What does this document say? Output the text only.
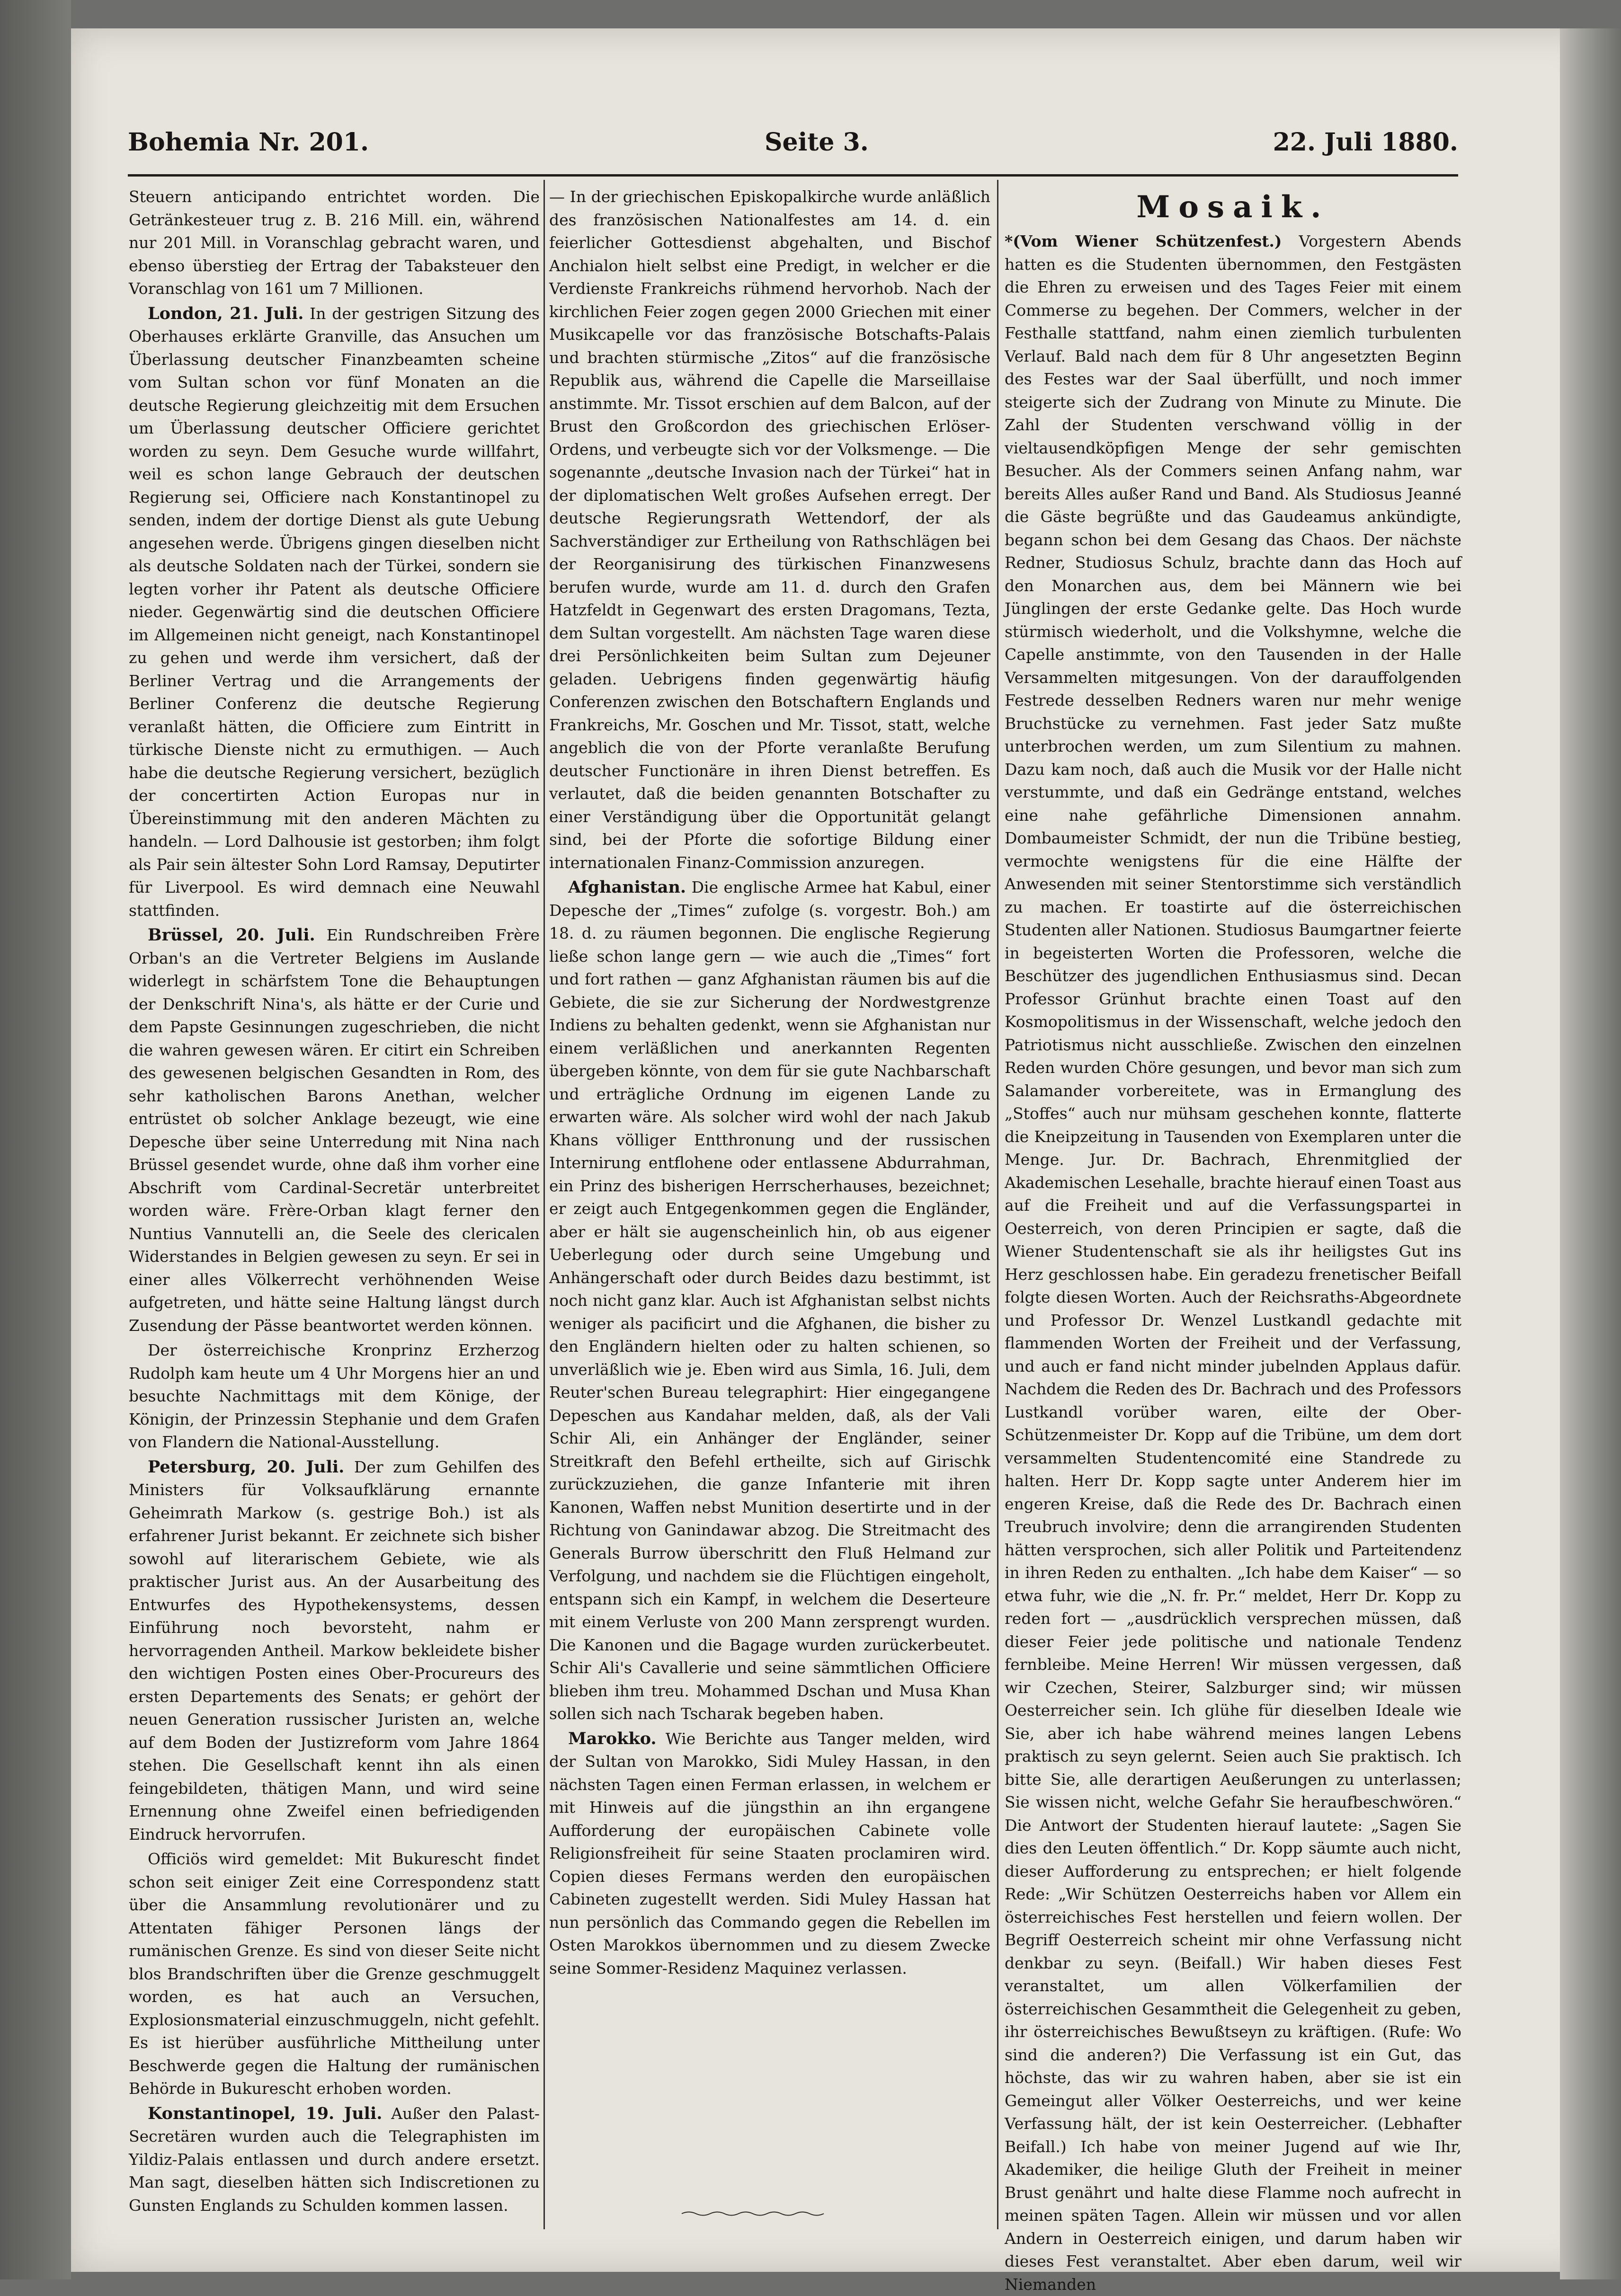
Bohemia Nr. 201.	Seite 3.	22. Juli 1880.

Steuern anticipando entrichtet worden. Die Getränkesteuer trug z. B. 216 Mill. ein, während nur 201 Mill. in Voranschlag gebracht waren, und ebenso überstieg der Ertrag der Tabaksteuer den Voranschlag von 161 um 7 Millionen.

London, 21. Juli. In der gestrigen Sitzung des Oberhauses erklärte Granville, das Ansuchen um Überlassung deutscher Finanzbeamten scheine vom Sultan schon vor fünf Monaten an die deutsche Regierung gleichzeitig mit dem Ersuchen um Überlassung deutscher Officiere gerichtet worden zu seyn. Dem Gesuche wurde willfahrt, weil es schon lange Gebrauch der deutschen Regierung sei, Officiere nach Konstantinopel zu senden, indem der dortige Dienst als gute Uebung angesehen werde. Übrigens gingen dieselben nicht als deutsche Soldaten nach der Türkei, sondern sie legten vorher ihr Patent als deutsche Officiere nieder. Gegenwärtig sind die deutschen Officiere im Allgemeinen nicht geneigt, nach Konstantinopel zu gehen und werde ihm versichert, daß der Berliner Vertrag und die Arrangements der Berliner Conferenz die deutsche Regierung veranlaßt hätten, die Officiere zum Eintritt in türkische Dienste nicht zu ermuthigen. — Auch habe die deutsche Regierung versichert, bezüglich der concertirten Action Europas nur in Übereinstimmung mit den anderen Mächten zu handeln. — Lord Dalhousie ist gestorben; ihm folgt als Pair sein ältester Sohn Lord Ramsay, Deputirter für Liverpool. Es wird demnach eine Neuwahl stattfinden.

Brüssel, 20. Juli. Ein Rundschreiben Frère Orban's an die Vertreter Belgiens im Auslande widerlegt in schärfstem Tone die Behauptungen der Denkschrift Nina's, als hätte er der Curie und dem Papste Gesinnungen zugeschrieben, die nicht die wahren gewesen wären. Er citirt ein Schreiben des gewesenen belgischen Gesandten in Rom, des sehr katholischen Barons Anethan, welcher entrüstet ob solcher Anklage bezeugt, wie eine Depesche über seine Unterredung mit Nina nach Brüssel gesendet wurde, ohne daß ihm vorher eine Abschrift vom Cardinal-Secretär unterbreitet worden wäre. Frère-Orban klagt ferner den Nuntius Vannutelli an, die Seele des clericalen Widerstandes in Belgien gewesen zu seyn. Er sei in einer alles Völkerrecht verhöhnenden Weise aufgetreten, und hätte seine Haltung längst durch Zusendung der Pässe beantwortet werden können.

Der österreichische Kronprinz Erzherzog Rudolph kam heute um 4 Uhr Morgens hier an und besuchte Nachmittags mit dem Könige, der Königin, der Prinzessin Stephanie und dem Grafen von Flandern die National-Ausstellung.

Petersburg, 20. Juli. Der zum Gehilfen des Ministers für Volksaufklärung ernannte Geheimrath Markow (s. gestrige Boh.) ist als erfahrener Jurist bekannt. Er zeichnete sich bisher sowohl auf literarischem Gebiete, wie als praktischer Jurist aus. An der Ausarbeitung des Entwurfes des Hypothekensystems, dessen Einführung noch bevorsteht, nahm er hervorragenden Antheil. Markow bekleidete bisher den wichtigen Posten eines Ober-Procureurs des ersten Departements des Senats; er gehört der neuen Generation russischer Juristen an, welche auf dem Boden der Justizreform vom Jahre 1864 stehen. Die Gesellschaft kennt ihn als einen feingebildeten, thätigen Mann, und wird seine Ernennung ohne Zweifel einen befriedigenden Eindruck hervorrufen.

Officiös wird gemeldet: Mit Bukurescht findet schon seit einiger Zeit eine Correspondenz statt über die Ansammlung revolutionärer und zu Attentaten fähiger Personen längs der rumänischen Grenze. Es sind von dieser Seite nicht blos Brandschriften über die Grenze geschmuggelt worden, es hat auch an Versuchen, Explosionsmaterial einzuschmuggeln, nicht gefehlt. Es ist hierüber ausführliche Mittheilung unter Beschwerde gegen die Haltung der rumänischen Behörde in Bukurescht erhoben worden.

Konstantinopel, 19. Juli. Außer den Palast-Secretären wurden auch die Telegraphisten im Yildiz-Palais entlassen und durch andere ersetzt. Man sagt, dieselben hätten sich Indiscretionen zu Gunsten Englands zu Schulden kommen lassen.

— In der griechischen Episkopalkirche wurde anläßlich des französischen Nationalfestes am 14. d. ein feierlicher Gottesdienst abgehalten, und Bischof Anchialon hielt selbst eine Predigt, in welcher er die Verdienste Frankreichs rühmend hervorhob. Nach der kirchlichen Feier zogen gegen 2000 Griechen mit einer Musikcapelle vor das französische Botschafts-Palais und brachten stürmische „Zitos“ auf die französische Republik aus, während die Capelle die Marseillaise anstimmte. Mr. Tissot erschien auf dem Balcon, auf der Brust den Großcordon des griechischen Erlöser-Ordens, und verbeugte sich vor der Volksmenge. — Die sogenannte „deutsche Invasion nach der Türkei“ hat in der diplomatischen Welt großes Aufsehen erregt. Der deutsche Regierungsrath Wettendorf, der als Sachverständiger zur Ertheilung von Rathschlägen bei der Reorganisirung des türkischen Finanzwesens berufen wurde, wurde am 11. d. durch den Grafen Hatzfeldt in Gegenwart des ersten Dragomans, Tezta, dem Sultan vorgestellt. Am nächsten Tage waren diese drei Persönlichkeiten beim Sultan zum Dejeuner geladen. Uebrigens finden gegenwärtig häufig Conferenzen zwischen den Botschaftern Englands und Frankreichs, Mr. Goschen und Mr. Tissot, statt, welche angeblich die von der Pforte veranlaßte Berufung deutscher Functionäre in ihren Dienst betreffen. Es verlautet, daß die beiden genannten Botschafter zu einer Verständigung über die Opportunität gelangt sind, bei der Pforte die sofortige Bildung einer internationalen Finanz-Commission anzuregen.

Afghanistan. Die englische Armee hat Kabul, einer Depesche der „Times“ zufolge (s. vorgestr. Boh.) am 18. d. zu räumen begonnen. Die englische Regierung ließe schon lange gern — wie auch die „Times“ fort und fort rathen — ganz Afghanistan räumen bis auf die Gebiete, die sie zur Sicherung der Nordwestgrenze Indiens zu behalten gedenkt, wenn sie Afghanistan nur einem verläßlichen und anerkannten Regenten übergeben könnte, von dem für sie gute Nachbarschaft und erträgliche Ordnung im eigenen Lande zu erwarten wäre. Als solcher wird wohl der nach Jakub Khans völliger Entthronung und der russischen Internirung entflohene oder entlassene Abdurrahman, ein Prinz des bisherigen Herrscherhauses, bezeichnet; er zeigt auch Entgegenkommen gegen die Engländer, aber er hält sie augenscheinlich hin, ob aus eigener Ueberlegung oder durch seine Umgebung und Anhängerschaft oder durch Beides dazu bestimmt, ist noch nicht ganz klar. Auch ist Afghanistan selbst nichts weniger als pacificirt und die Afghanen, die bisher zu den Engländern hielten oder zu halten schienen, so unverläßlich wie je. Eben wird aus Simla, 16. Juli, dem Reuter'schen Bureau telegraphirt: Hier eingegangene Depeschen aus Kandahar melden, daß, als der Vali Schir Ali, ein Anhänger der Engländer, seiner Streitkraft den Befehl ertheilte, sich auf Girischk zurückzuziehen, die ganze Infanterie mit ihren Kanonen, Waffen nebst Munition desertirte und in der Richtung von Ganindawar abzog. Die Streitmacht des Generals Burrow überschritt den Fluß Helmand zur Verfolgung, und nachdem sie die Flüchtigen eingeholt, entspann sich ein Kampf, in welchem die Deserteure mit einem Verluste von 200 Mann zersprengt wurden. Die Kanonen und die Bagage wurden zurückerbeutet. Schir Ali's Cavallerie und seine sämmtlichen Officiere blieben ihm treu. Mohammed Dschan und Musa Khan sollen sich nach Tscharak begeben haben.

Marokko. Wie Berichte aus Tanger melden, wird der Sultan von Marokko, Sidi Muley Hassan, in den nächsten Tagen einen Ferman erlassen, in welchem er mit Hinweis auf die jüngsthin an ihn ergangene Aufforderung der europäischen Cabinete volle Religionsfreiheit für seine Staaten proclamiren wird. Copien dieses Fermans werden den europäischen Cabineten zugestellt werden. Sidi Muley Hassan hat nun persönlich das Commando gegen die Rebellen im Osten Marokkos übernommen und zu diesem Zwecke seine Sommer-Residenz Maquinez verlassen.

Mosaik.

*(Vom Wiener Schützenfest.) Vorgestern Abends hatten es die Studenten übernommen, den Festgästen die Ehren zu erweisen und des Tages Feier mit einem Commerse zu begehen. Der Commers, welcher in der Festhalle stattfand, nahm einen ziemlich turbulenten Verlauf. Bald nach dem für 8 Uhr angesetzten Beginn des Festes war der Saal überfüllt, und noch immer steigerte sich der Zudrang von Minute zu Minute. Die Zahl der Studenten verschwand völlig in der vieltausendköpfigen Menge der sehr gemischten Besucher. Als der Commers seinen Anfang nahm, war bereits Alles außer Rand und Band. Als Studiosus Jeanné die Gäste begrüßte und das Gaudeamus ankündigte, begann schon bei dem Gesang das Chaos. Der nächste Redner, Studiosus Schulz, brachte dann das Hoch auf den Monarchen aus, dem bei Männern wie bei Jünglingen der erste Gedanke gelte. Das Hoch wurde stürmisch wiederholt, und die Volkshymne, welche die Capelle anstimmte, von den Tausenden in der Halle Versammelten mitgesungen. Von der darauffolgenden Festrede desselben Redners waren nur mehr wenige Bruchstücke zu vernehmen. Fast jeder Satz mußte unterbrochen werden, um zum Silentium zu mahnen. Dazu kam noch, daß auch die Musik vor der Halle nicht verstummte, und daß ein Gedränge entstand, welches eine nahe gefährliche Dimensionen annahm. Dombaumeister Schmidt, der nun die Tribüne bestieg, vermochte wenigstens für die eine Hälfte der Anwesenden mit seiner Stentorstimme sich verständlich zu machen. Er toastirte auf die österreichischen Studenten aller Nationen. Studiosus Baumgartner feierte in begeisterten Worten die Professoren, welche die Beschützer des jugendlichen Enthusiasmus sind. Decan Professor Grünhut brachte einen Toast auf den Kosmopolitismus in der Wissenschaft, welche jedoch den Patriotismus nicht ausschließe. Zwischen den einzelnen Reden wurden Chöre gesungen, und bevor man sich zum Salamander vorbereitete, was in Ermanglung des „Stoffes“ auch nur mühsam geschehen konnte, flatterte die Kneipzeitung in Tausenden von Exemplaren unter die Menge. Jur. Dr. Bachrach, Ehrenmitglied der Akademischen Lesehalle, brachte hierauf einen Toast aus auf die Freiheit und auf die Verfassungspartei in Oesterreich, von deren Principien er sagte, daß die Wiener Studentenschaft sie als ihr heiligstes Gut ins Herz geschlossen habe. Ein geradezu frenetischer Beifall folgte diesen Worten. Auch der Reichsraths-Abgeordnete und Professor Dr. Wenzel Lustkandl gedachte mit flammenden Worten der Freiheit und der Verfassung, und auch er fand nicht minder jubelnden Applaus dafür. Nachdem die Reden des Dr. Bachrach und des Professors Lustkandl vorüber waren, eilte der Ober-Schützenmeister Dr. Kopp auf die Tribüne, um dem dort versammelten Studentencomité eine Standrede zu halten. Herr Dr. Kopp sagte unter Anderem hier im engeren Kreise, daß die Rede des Dr. Bachrach einen Treubruch involvire; denn die arrangirenden Studenten hätten versprochen, sich aller Politik und Parteitendenz in ihren Reden zu enthalten. „Ich habe dem Kaiser“ — so etwa fuhr, wie die „N. fr. Pr.“ meldet, Herr Dr. Kopp zu reden fort — „ausdrücklich versprechen müssen, daß dieser Feier jede politische und nationale Tendenz fernbleibe. Meine Herren! Wir müssen vergessen, daß wir Czechen, Steirer, Salzburger sind; wir müssen Oesterreicher sein. Ich glühe für dieselben Ideale wie Sie, aber ich habe während meines langen Lebens praktisch zu seyn gelernt. Seien auch Sie praktisch. Ich bitte Sie, alle derartigen Aeußerungen zu unterlassen; Sie wissen nicht, welche Gefahr Sie heraufbeschwören.“ Die Antwort der Studenten hierauf lautete: „Sagen Sie dies den Leuten öffentlich.“ Dr. Kopp säumte auch nicht, dieser Aufforderung zu entsprechen; er hielt folgende Rede: „Wir Schützen Oesterreichs haben vor Allem ein österreichisches Fest herstellen und feiern wollen. Der Begriff Oesterreich scheint mir ohne Verfassung nicht denkbar zu seyn. (Beifall.) Wir haben dieses Fest veranstaltet, um allen Völkerfamilien der österreichischen Gesammtheit die Gelegenheit zu geben, ihr österreichisches Bewußtseyn zu kräftigen. (Rufe: Wo sind die anderen?) Die Verfassung ist ein Gut, das höchste, das wir zu wahren haben, aber sie ist ein Gemeingut aller Völker Oesterreichs, und wer keine Verfassung hält, der ist kein Oesterreicher. (Lebhafter Beifall.) Ich habe von meiner Jugend auf wie Ihr, Akademiker, die heilige Gluth der Freiheit in meiner Brust genährt und halte diese Flamme noch aufrecht in meinen späten Tagen. Allein wir müssen und vor allen Andern in Oesterreich einigen, und darum haben wir dieses Fest veranstaltet. Aber eben darum, weil wir Niemanden
